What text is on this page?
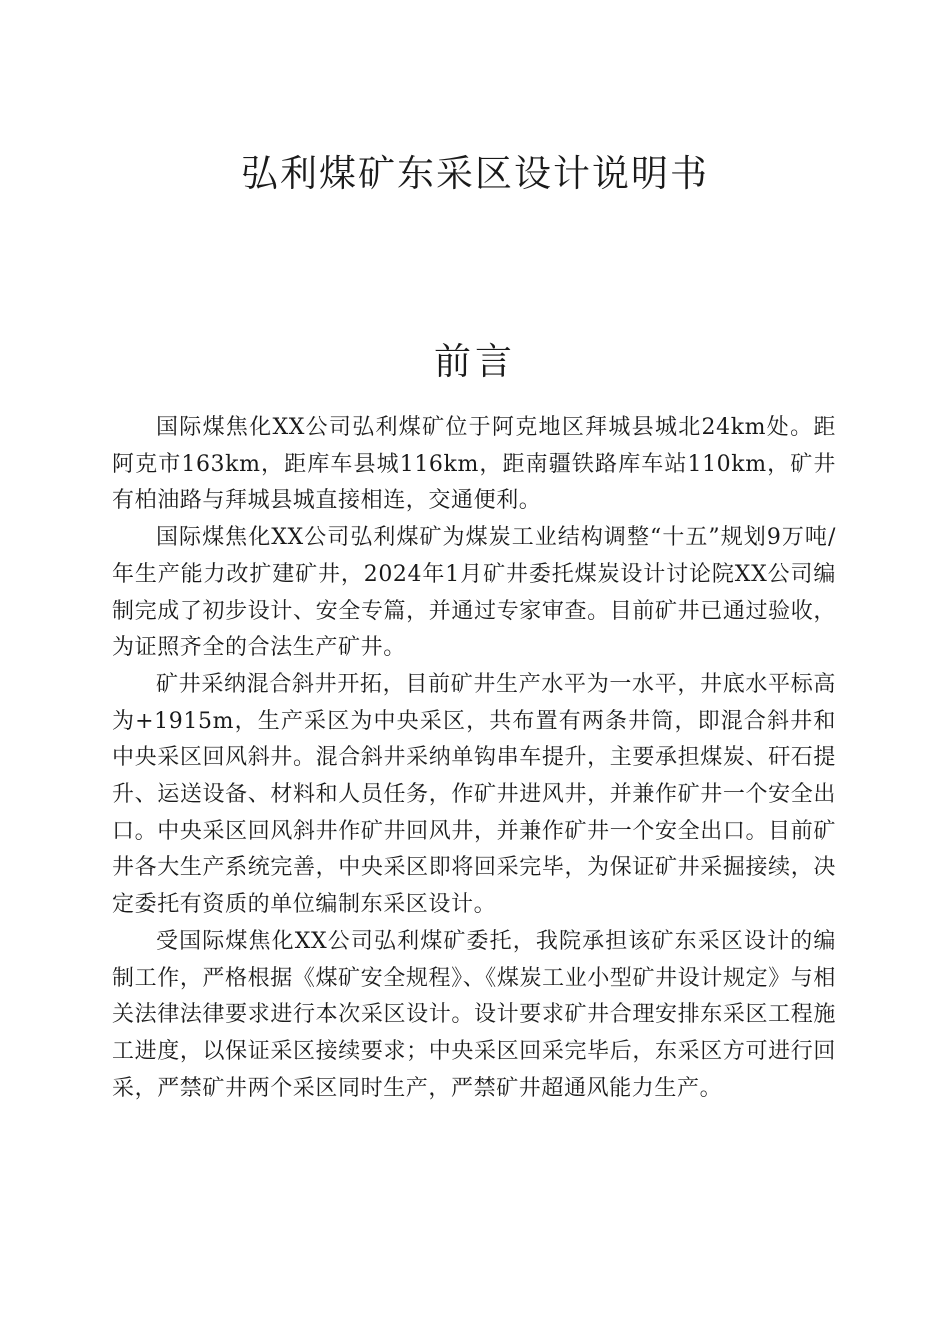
弘利煤矿东采区设计说明书
前言

国际煤焦化XX公司弘利煤矿位于阿克地区拜城县城北24km处。距阿克市163km，距库车县城116km，距南疆铁路库车站110km，矿井有柏油路与拜城县城直接相连，交通便利。

国际煤焦化XX公司弘利煤矿为煤炭工业结构调整“十五”规划9万吨/年生产能力改扩建矿井，2024年1月矿井委托煤炭设计讨论院XX公司编制完成了初步设计、安全专篇，并通过专家审查。目前矿井已通过验收，为证照齐全的合法生产矿井。

矿井采纳混合斜井开拓，目前矿井生产水平为一水平，井底水平标高为+1915m，生产采区为中央采区，共布置有两条井筒，即混合斜井和中央采区回风斜井。混合斜井采纳单钩串车提升，主要承担煤炭、矸石提升、运送设备、材料和人员任务，作矿井进风井，并兼作矿井一个安全出口。中央采区回风斜井作矿井回风井，并兼作矿井一个安全出口。目前矿井各大生产系统完善，中央采区即将回采完毕，为保证矿井采掘接续，决定委托有资质的单位编制东采区设计。

受国际煤焦化XX公司弘利煤矿委托，我院承担该矿东采区设计的编制工作，严格根据《煤矿安全规程》、《煤炭工业小型矿井设计规定》与相关法律法律要求进行本次采区设计。设计要求矿井合理安排东采区工程施工进度，以保证采区接续要求；中央采区回采完毕后，东采区方可进行回采，严禁矿井两个采区同时生产，严禁矿井超通风能力生产。
